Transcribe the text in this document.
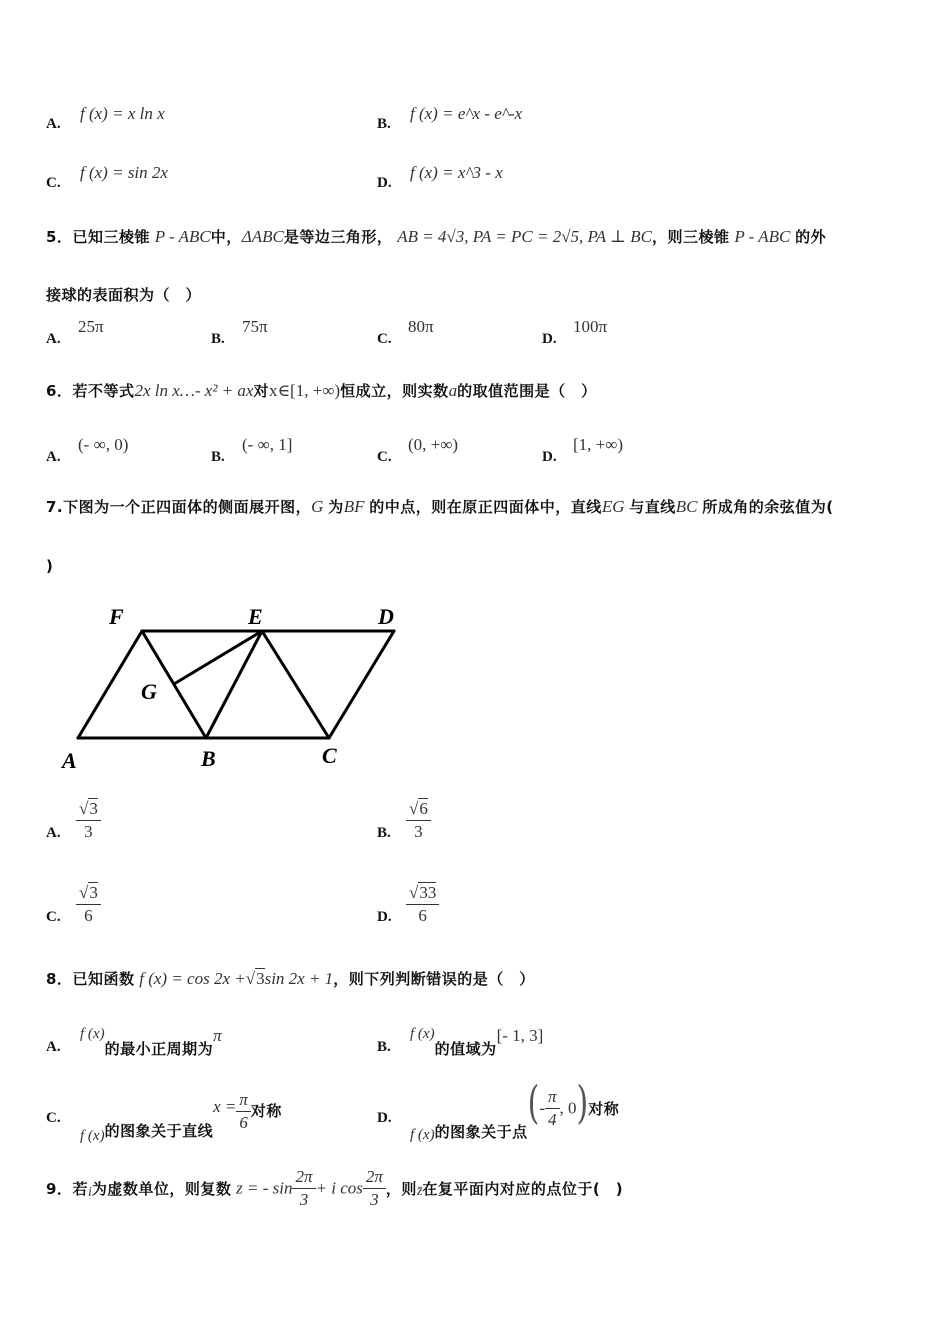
A.
f (x) = x ln x
B.
f (x) = e^x - e^-x
C.
f (x) = sin 2x
D.
f (x) = x^3 - x
5．已知三棱锥 P - ABC中，ΔABC是等边三角形， AB = 4√3, PA = PC = 2√5, PA ⊥ BC，则三棱锥 P - ABC 的外
接球的表面积为（　）
A.
25π
B.
75π
C.
80π
D.
100π
6．若不等式2x ln x…- x² + ax对x∈[1, +∞)恒成立，则实数a的取值范围是（　）
A.
(- ∞, 0)
B.
(- ∞, 1]
C.
(0, +∞)
D.
[1, +∞)
7.下图为一个正四面体的侧面展开图，G 为BF 的中点，则在原正四面体中，直线EG 与直线BC 所成角的余弦值为(
)
F	E	D
G
A	B	C
A. $\frac{√3}{3}$	B. $\frac{√6}{3}$
C. $\frac{√3}{6}$	D. $\frac{√33}{6}$
8．已知函数 f (x) = cos 2x +√3sin 2x + 1，则下列判断错误的是（　）
A.
f (x)的最小正周期为π
B.
f (x)的值域为[- 1, 3]
C.
f (x)的图象关于直线$x = \frac{\pi}{6}$ 对称	D.
f (x)的图象关于点(- $\frac{\pi}{4}$ , 0)对称
9．若i为虚数单位，则复数 z = - $\sin \frac{2\pi}{3} + i$ $\cos \frac{2\pi}{3}$ ，则z̄在复平面内对应的点位于(　)
